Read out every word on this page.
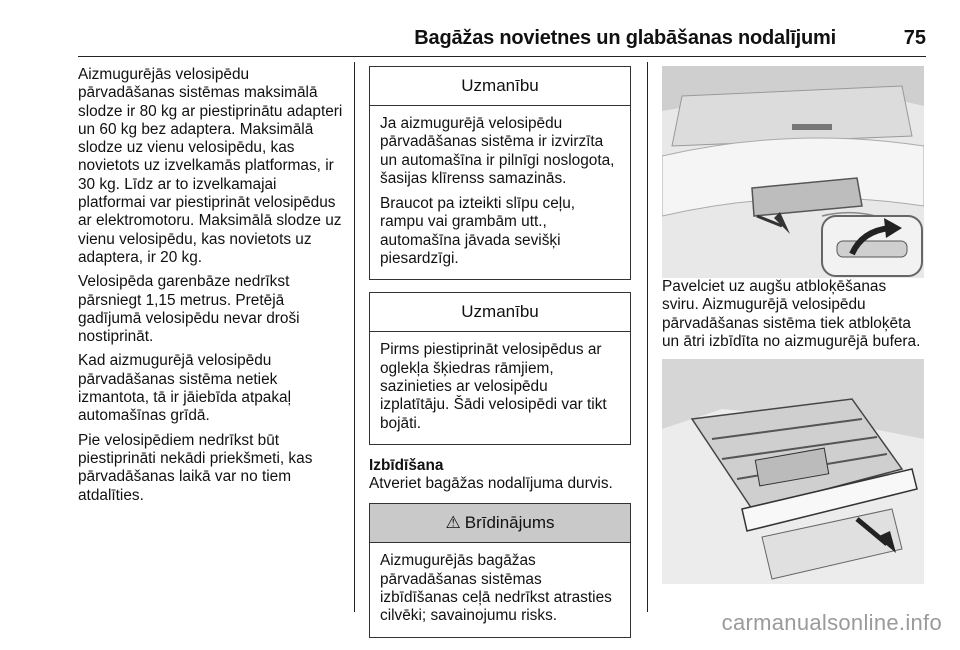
Bagāžas novietnes un glabāšanas nodalījumi	75

Aizmugurējās velosipēdu pārvadāšanas sistēmas maksimālā slodze ir 80 kg ar piestiprinātu adapteri un 60 kg bez adaptera. Maksimālā slodze uz vienu velosipēdu, kas novietots uz izvelkamās platformas, ir 30 kg. Līdz ar to izvelkamajai platformai var piestiprināt velosipēdus ar elektromotoru. Maksimālā slodze uz vienu velosipēdu, kas novietots uz adaptera, ir 20 kg.

Velosipēda garenbāze nedrīkst pārsniegt 1,15 metrus. Pretējā gadījumā velosipēdu nevar droši nostiprināt.

Kad aizmugurējā velosipēdu pārvadāšanas sistēma netiek izmantota, tā ir jāiebīda atpakaļ automašīnas grīdā.

Pie velosipēdiem nedrīkst būt piestiprināti nekādi priekšmeti, kas pārvadāšanas laikā var no tiem atdalīties.

Uzmanību

Ja aizmugurējā velosipēdu pārvadāšanas sistēma ir izvirzīta un automašīna ir pilnīgi noslogota, šasijas klīrenss samazinās.

Braucot pa izteikti slīpu ceļu, rampu vai grambām utt., automašīna jāvada sevišķi piesardzīgi.

Uzmanību

Pirms piestiprināt velosipēdus ar oglekļa šķiedras rāmjiem, sazinieties ar velosipēdu izplatītāju. Šādi velosipēdi var tikt bojāti.

Izbīdīšana

Atveriet bagāžas nodalījuma durvis.

⚠ Brīdinājums

Aizmugurējās bagāžas pārvadāšanas sistēmas izbīdīšanas ceļā nedrīkst atrasties cilvēki; savainojumu risks.

Pavelciet uz augšu atbloķēšanas sviru. Aizmugurējā velosipēdu pārvadāšanas sistēma tiek atbloķēta un ātri izbīdīta no aizmugurējā bufera.

carmanualsonline.info
